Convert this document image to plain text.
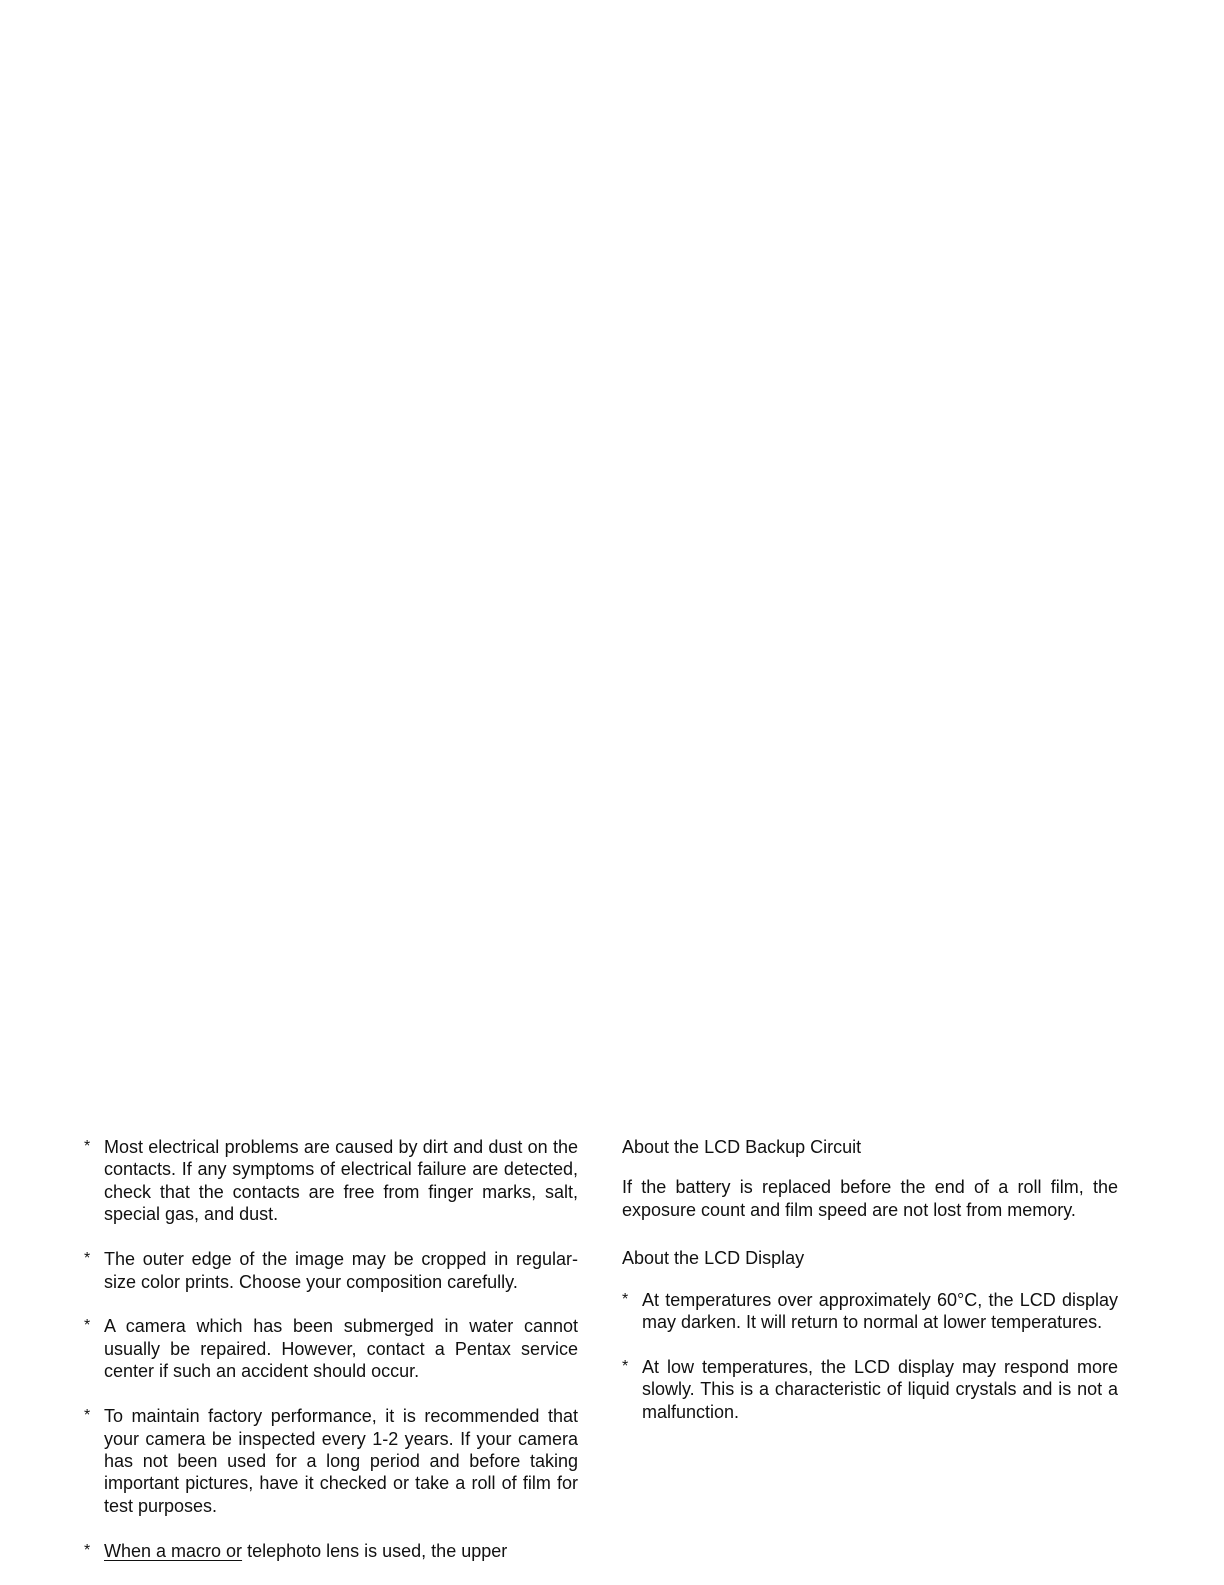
* Most electrical problems are caused by dirt and dust on the contacts. If any symptoms of electrical failure are detected, check that the contacts are free from finger marks, salt, special gas, and dust.
* The outer edge of the image may be cropped in regular-size color prints. Choose your composition carefully.
* A camera which has been submerged in water cannot usually be repaired. However, contact a Pentax service center if such an accident should occur.
* To maintain factory performance, it is recommended that your camera be inspected every 1-2 years. If your camera has not been used for a long period and before taking important pictures, have it checked or take a roll of film for test purposes.
* When a macro or telephoto lens is used, the upper
About the LCD Backup Circuit

If the battery is replaced before the end of a roll film, the exposure count and film speed are not lost from memory.

About the LCD Display
* At temperatures over approximately 60°C, the LCD display may darken. It will return to normal at lower temperatures.
* At low temperatures, the LCD display may respond more slowly. This is a characteristic of liquid crystals and is not a malfunction.
